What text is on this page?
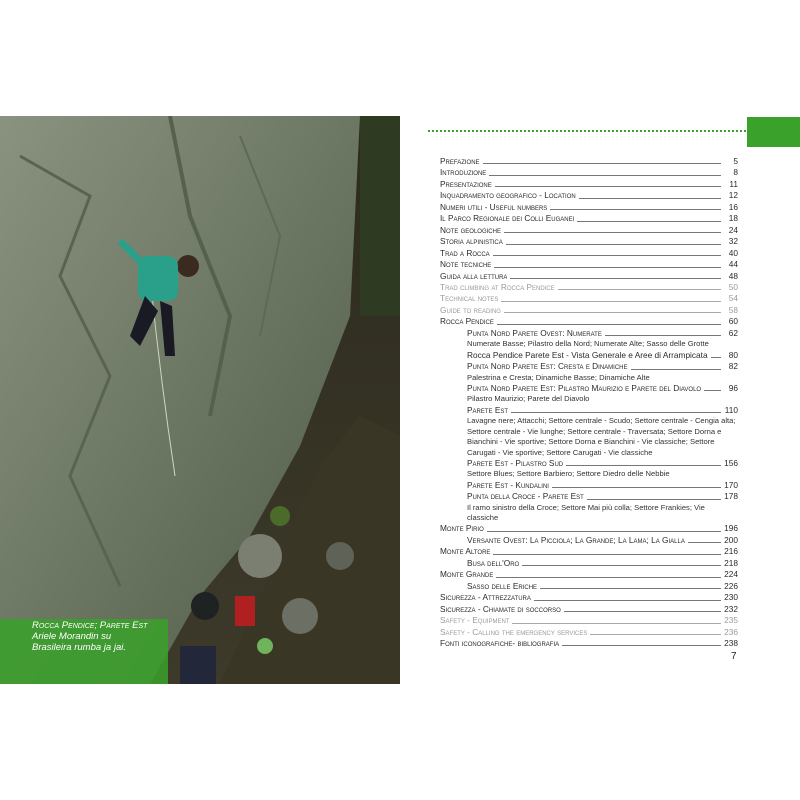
Rocca Pendice; Parete Est
Ariele Morandin su
Brasileira rumba ja jai.
Prefazione	5
Introduzione	8
Presentazione	11
Inquadramento geografico - Location	12
Numeri utili - Useful numbers	16
Il Parco Regionale dei Colli Euganei	18
Note geologiche	24
Storia alpinistica	32
Trad a Rocca	40
Note tecniche	44
Guida alla lettura	48
Trad climbing at Rocca Pendice	50
Technical notes	54
Guide to reading	58
Rocca Pendice	60
Punta Nord Parete Ovest: Numerate	62
Numerate Basse; Pilastro della Nord; Numerate Alte; Sasso delle Grotte
Rocca Pendice Parete Est - Vista Generale e Aree di Arrampicata	80
Punta Nord Parete Est: Cresta e Dinamiche	82
Palestrina e Cresta; Dinamiche Basse; Dinamiche Alte
Punta Nord Parete Est: Pilastro Maurizio e Parete del Diavolo	96
Pilastro Maurizio; Parete del Diavolo
Parete Est	110
Lavagne nere; Attacchi; Settore centrale - Scudo; Settore centrale - Cengia alta; Settore centrale - Vie lunghe; Settore centrale - Traversata; Settore Dorna e Bianchini - Vie sportive; Settore Dorna e Bianchini - Vie classiche; Settore Carugati - Vie sportive; Settore Carugati - Vie classiche
Parete Est - Pilastro Sud	156
Settore Blues; Settore Barbiero; Settore Diedro delle Nebbie
Parete Est - Kundalini	170
Punta della Croce - Parete Est	178
Il ramo sinistro della Croce; Settore Mai più colla; Settore Frankies; Vie classiche
Monte Pirio	196
Versante Ovest: La Picciola; La Grande; La Lama; La Gialla	200
Monte Altore	216
Busa dell'Oro	218
Monte Grande	224
Sasso delle Eriche	226
Sicurezza - Attrezzatura	230
Sicurezza - Chiamate di soccorso	232
Safety - Equipment	235
Safety - Calling the emergency services	236
Fonti iconografiche- bibliografia	238
7
